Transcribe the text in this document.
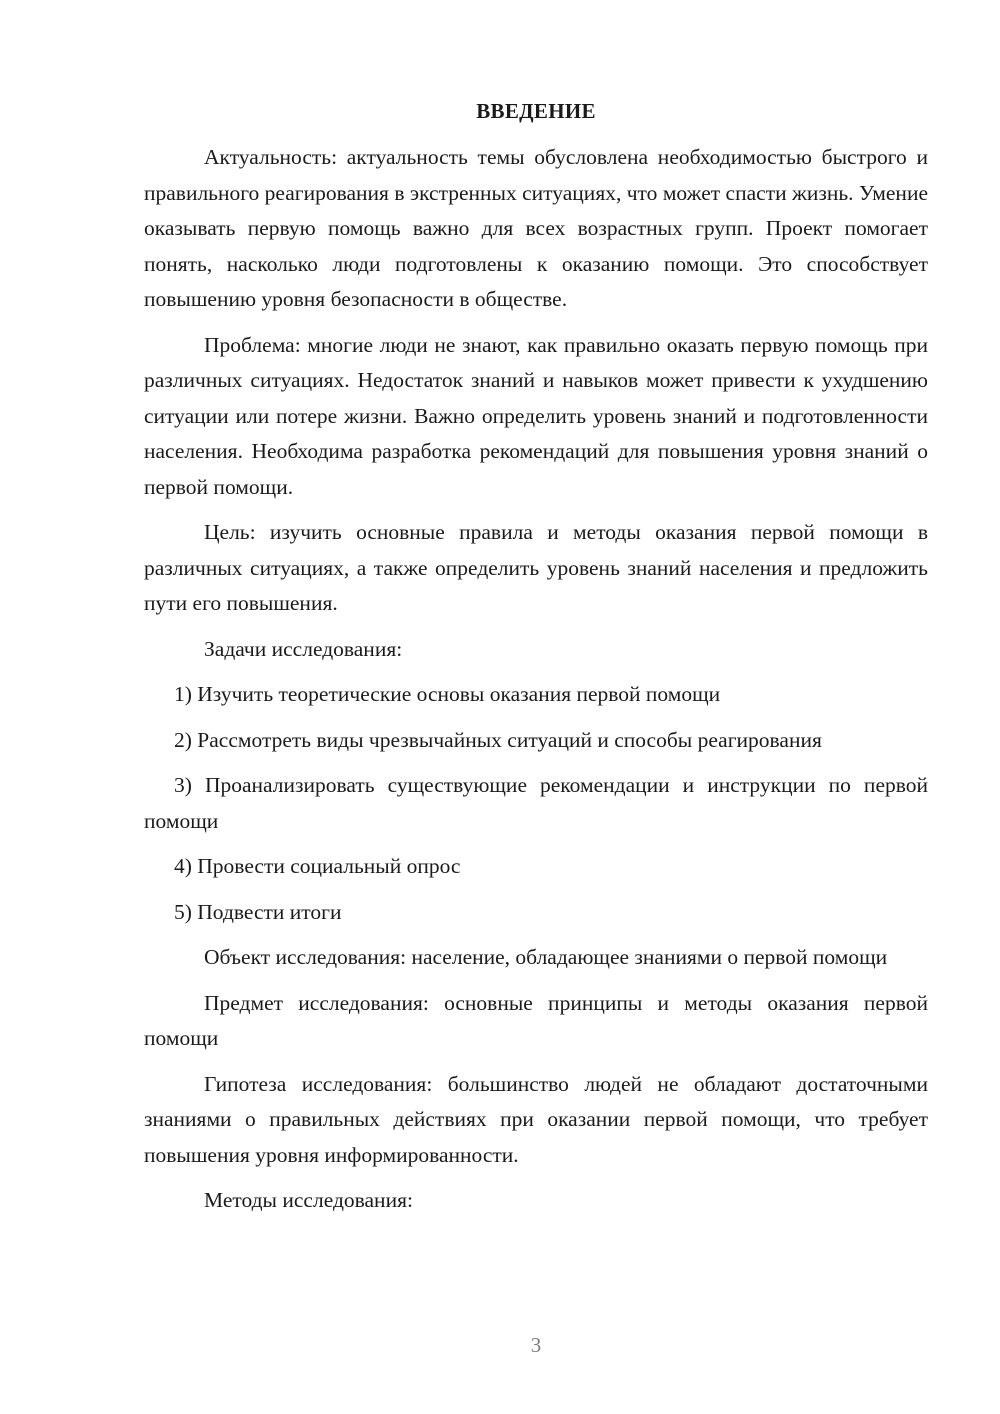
ВВЕДЕНИЕ

Актуальность: актуальность темы обусловлена необходимостью быстрого и правильного реагирования в экстренных ситуациях, что может спасти жизнь. Умение оказывать первую помощь важно для всех возрастных групп. Проект помогает понять, насколько люди подготовлены к оказанию помощи. Это способствует повышению уровня безопасности в обществе.

Проблема: многие люди не знают, как правильно оказать первую помощь при различных ситуациях. Недостаток знаний и навыков может привести к ухудшению ситуации или потере жизни. Важно определить уровень знаний и подготовленности населения. Необходима разработка рекомендаций для повышения уровня знаний о первой помощи.

Цель: изучить основные правила и методы оказания первой помощи в различных ситуациях, а также определить уровень знаний населения и предложить пути его повышения.

Задачи исследования:

1) Изучить теоретические основы оказания первой помощи

2) Рассмотреть виды чрезвычайных ситуаций и способы реагирования

3) Проанализировать существующие рекомендации и инструкции по первой помощи

4) Провести социальный опрос

5) Подвести итоги

Объект исследования: население, обладающее знаниями о первой помощи

Предмет исследования: основные принципы и методы оказания первой помощи

Гипотеза исследования: большинство людей не обладают достаточными знаниями о правильных действиях при оказании первой помощи, что требует повышения уровня информированности.

Методы исследования:

3
